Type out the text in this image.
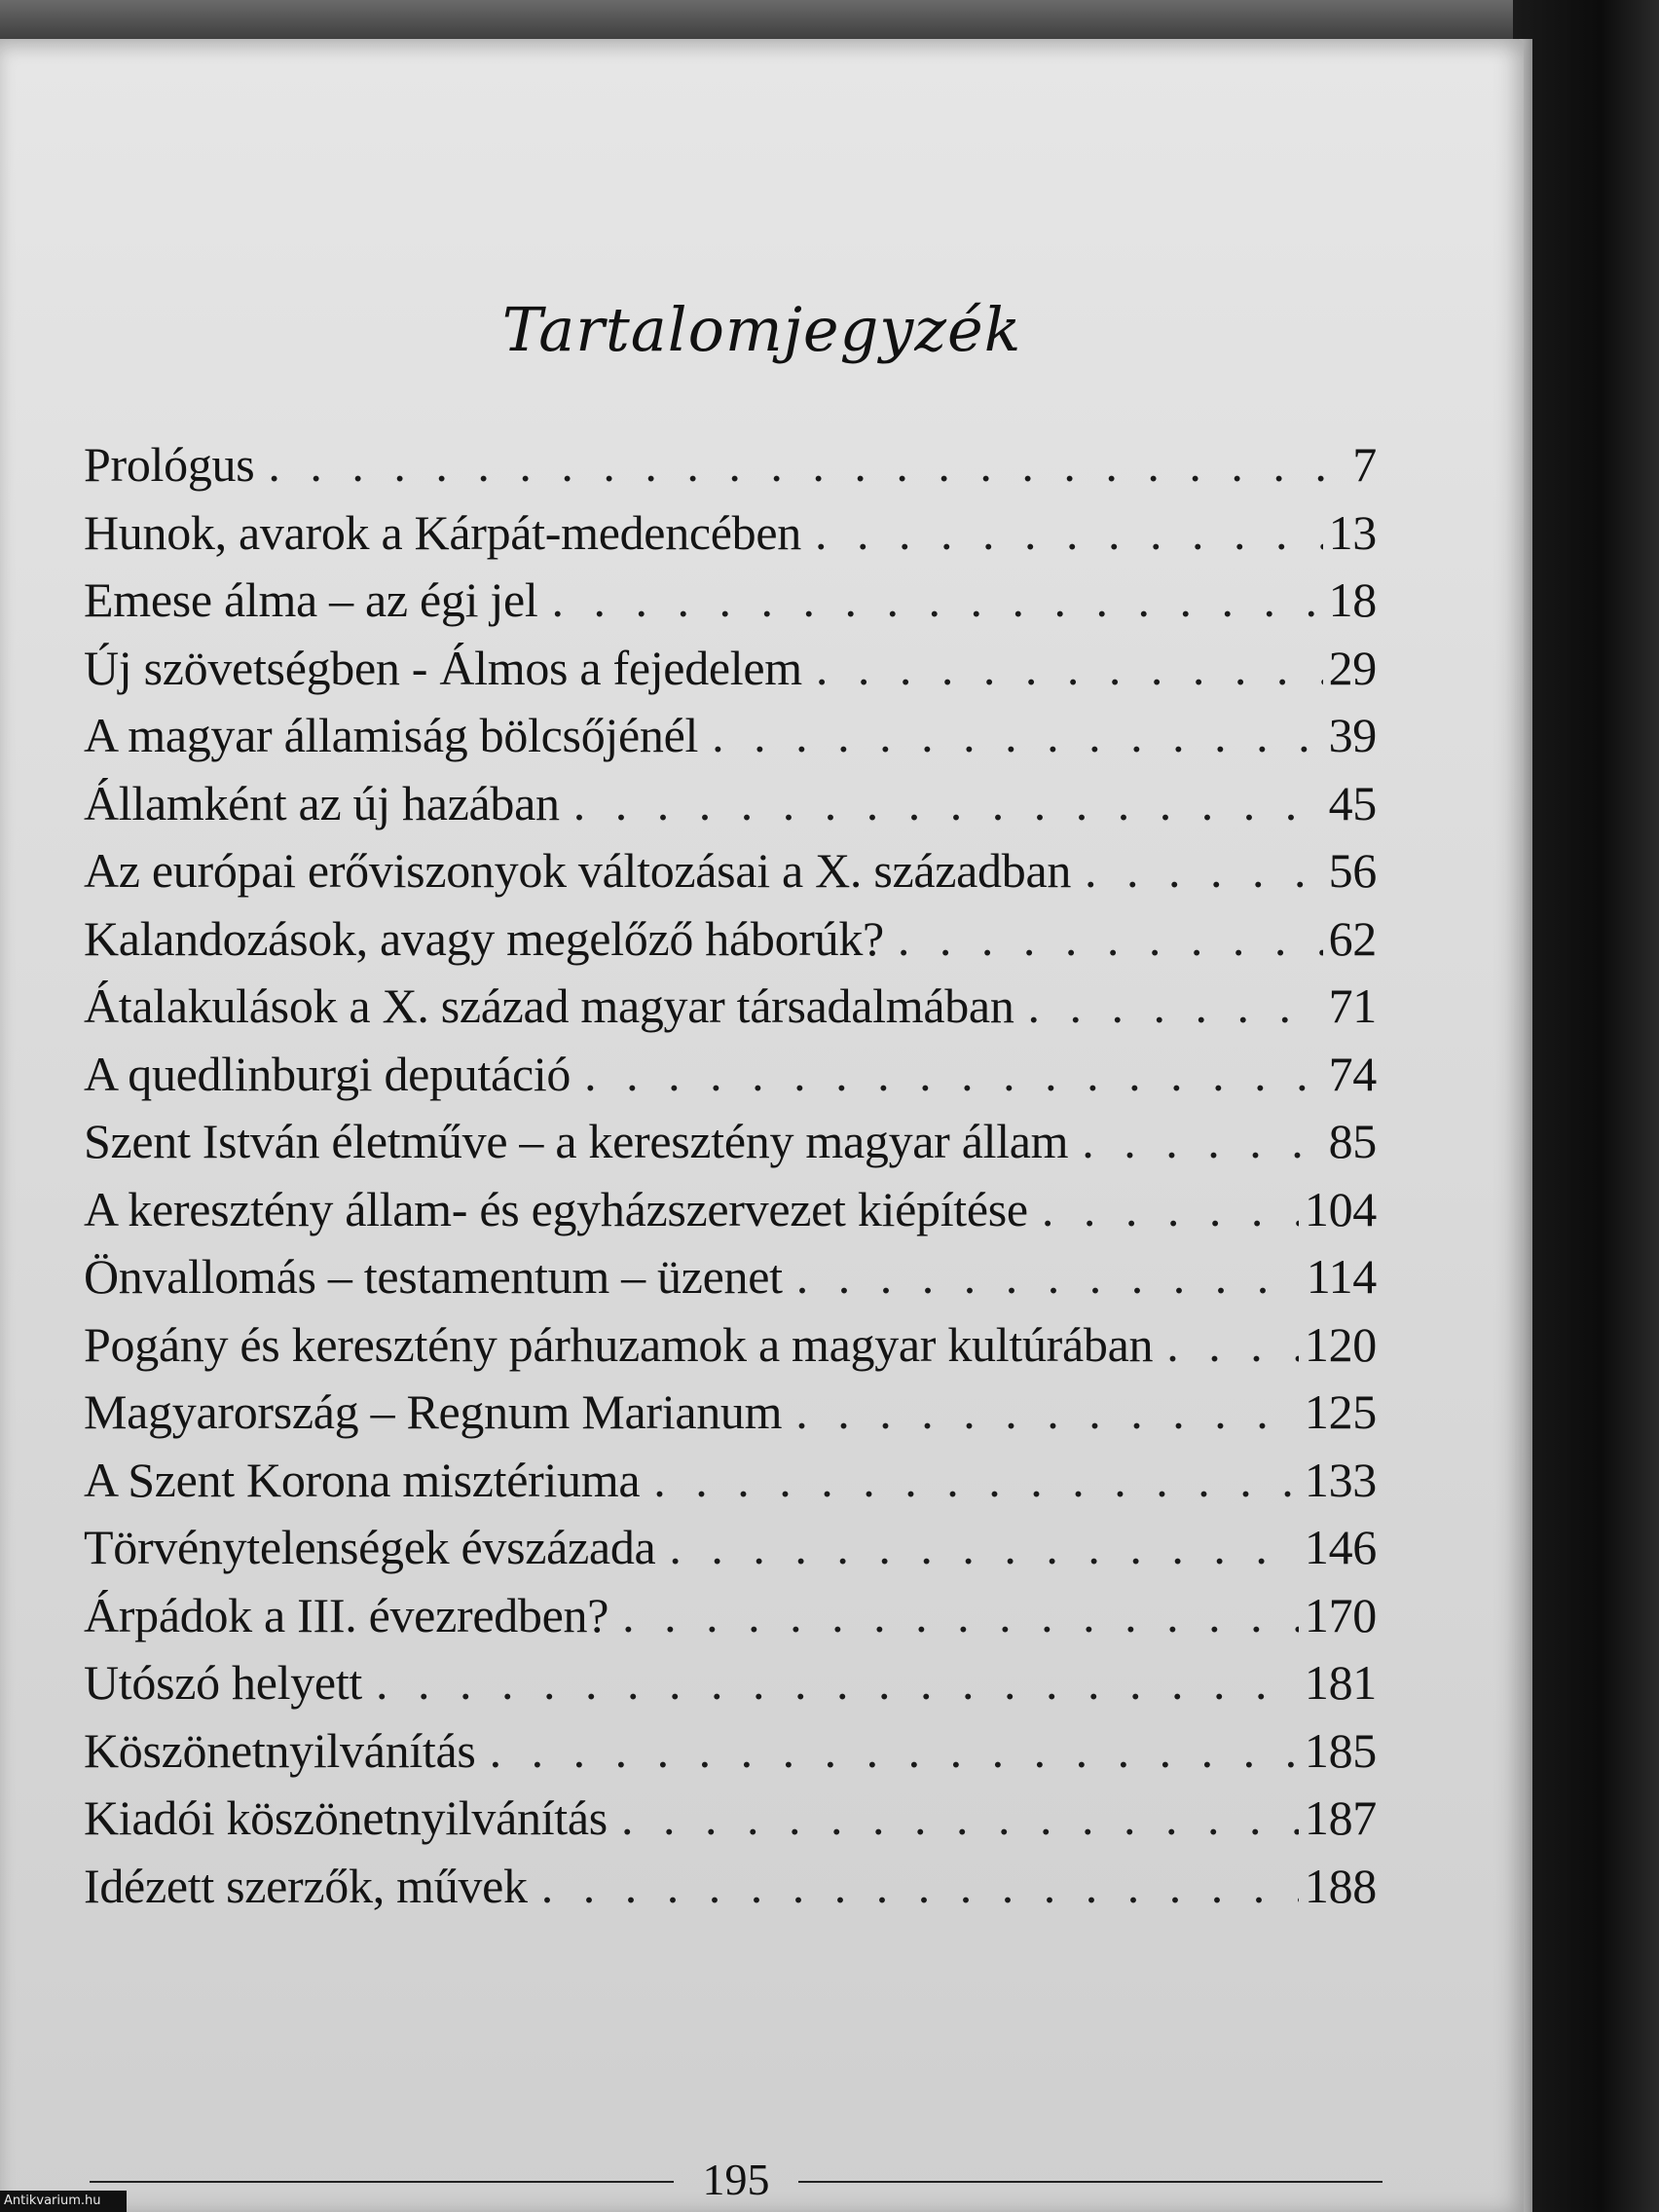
Tartalomjegyzék
Prológus . . .	7
Hunok, avarok a Kárpát-medencében . . .	13
Emese álma – az égi jel . . .	18
Új szövetségben - Álmos a fejedelem . . .	29
A magyar államiság bölcsőjénél . . .	39
Államként az új hazában . . .	45
Az európai erőviszonyok változásai a X. században . . .	56
Kalandozások, avagy megelőző háborúk? . . .	62
Átalakulások a X. század magyar társadalmában . . .	71
A quedlinburgi deputáció . . .	74
Szent István életműve – a keresztény magyar állam . . .	85
A keresztény állam- és egyházszervezet kiépítése . . .	104
Önvallomás – testamentum – üzenet . . .	114
Pogány és keresztény párhuzamok a magyar kultúrában . . .	120
Magyarország – Regnum Marianum . . .	125
A Szent Korona misztériuma . . .	133
Törvénytelenségek évszázada . . .	146
Árpádok a III. évezredben? . . .	170
Utószó helyett . . .	181
Köszönetnyilvánítás . . .	185
Kiadói köszönetnyilvánítás . . .	187
Idézett szerzők, művek . . .	188
195
Antikvarium.hu
